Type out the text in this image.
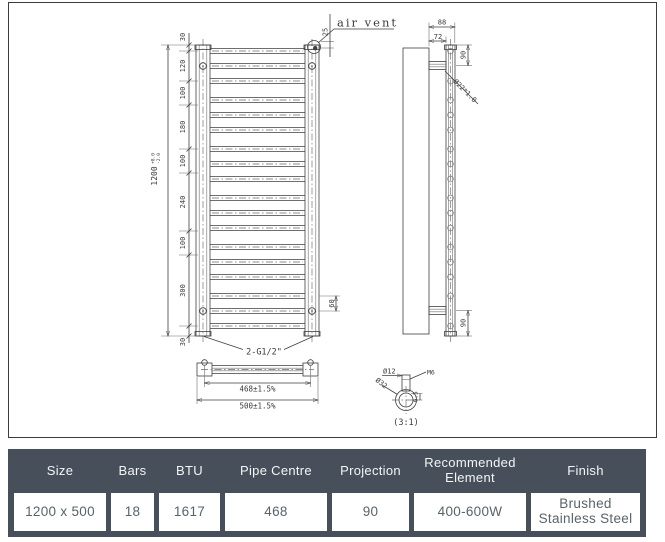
air vent
25
30
120
100
180
100
240
100
300
30
1200
+8.0 -2.0
60
2-G1/2"
468±1.5%
500±1.5%
88
72
90
90
Ø22*1.0
Ø12	M6
Ø32
6.5
(3:1)
Size	Bars	BTU	Pipe Centre	Projection	Recommended Element	Finish
1200 x 500	18	1617	468	90	400-600W	Brushed Stainless Steel
